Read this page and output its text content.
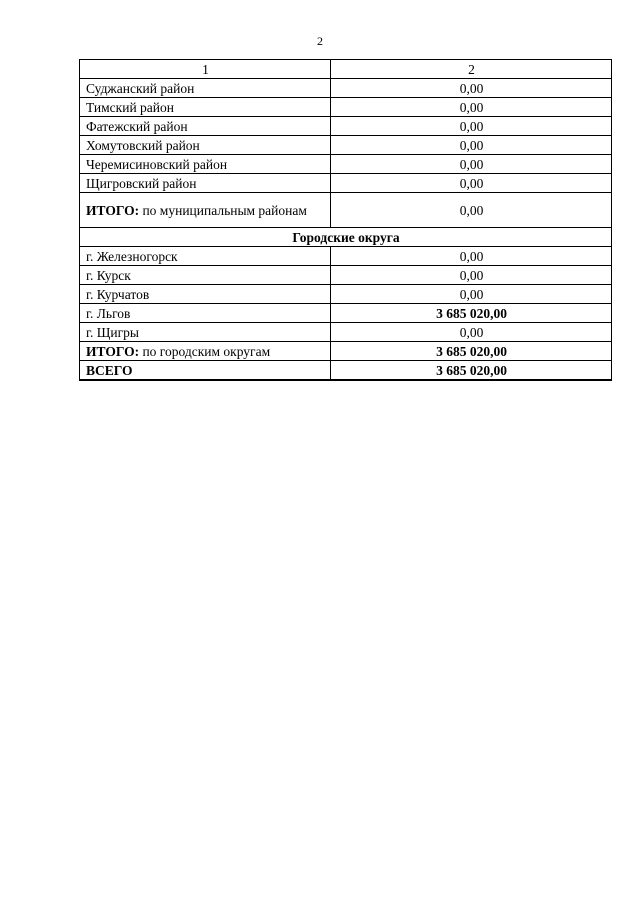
2
1	2
Суджанский район	0,00
Тимский район	0,00
Фатежский район	0,00
Хомутовский район	0,00
Черемисиновский район	0,00
Щигровский район	0,00
ИТОГО: по муниципальным районам	0,00
Городские округа	
г. Железногорск	0,00
г. Курск	0,00
г. Курчатов	0,00
г. Льгов	3 685 020,00
г. Щигры	0,00
ИТОГО: по городским округам	3 685 020,00
ВСЕГО	3 685 020,00
